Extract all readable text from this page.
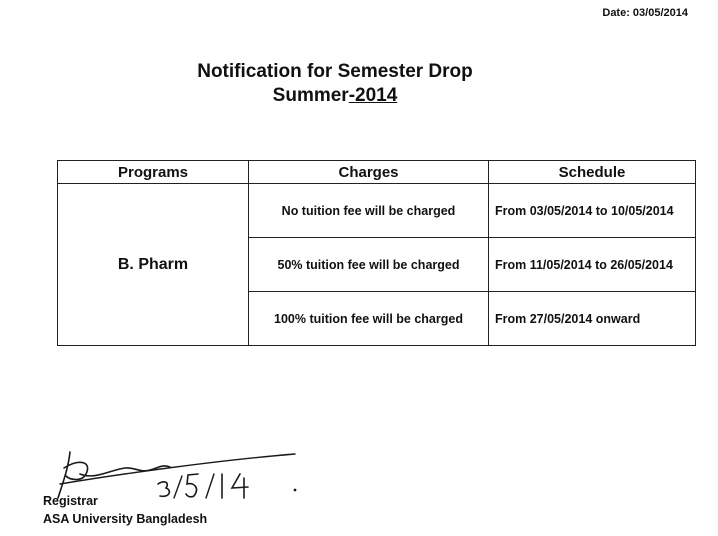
Date: 03/05/2014
Notification for Semester Drop
Summer-2014
Programs	Charges	Schedule
B. Pharm	No tuition fee will be charged	From 03/05/2014 to 10/05/2014
	50% tuition fee will be charged	From 11/05/2014 to 26/05/2014
	100% tuition fee will be charged	From 27/05/2014 onward
Registrar
ASA University Bangladesh
